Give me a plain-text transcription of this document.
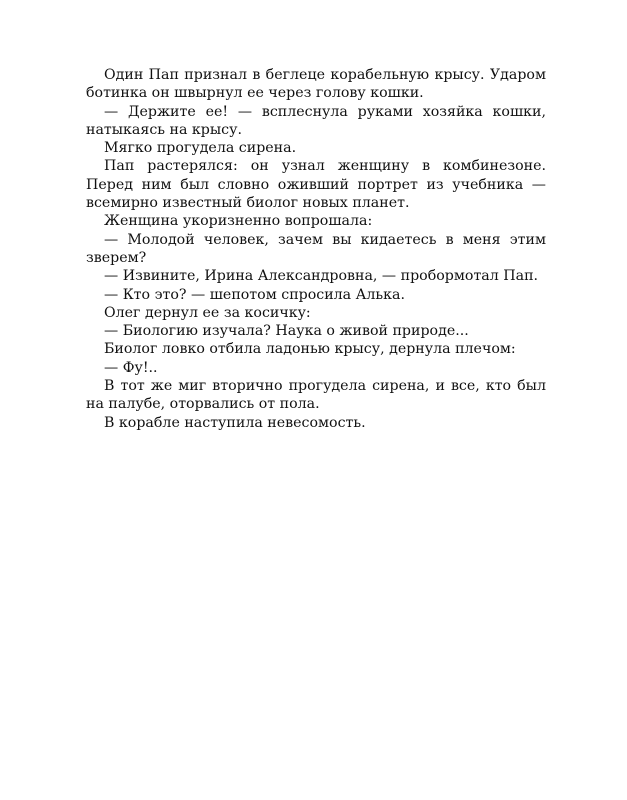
Один Пап признал в беглеце корабельную крысу. Ударом ботинка он швырнул ее через голову кошки.

— Держите ее! — всплеснула руками хозяйка кошки, натыкаясь на крысу.

Мягко прогудела сирена.

Пап растерялся: он узнал женщину в комбинезоне. Перед ним был словно оживший портрет из учебника — всемирно известный биолог новых планет.

Женщина укоризненно вопрошала:

— Молодой человек, зачем вы кидаетесь в меня этим зверем?

— Извините, Ирина Александровна, — пробормотал Пап.

— Кто это? — шепотом спросила Алька.

Олег дернул ее за косичку:

— Биологию изучала? Наука о живой природе...

Биолог ловко отбила ладонью крысу, дернула плечом:

— Фу!..

В тот же миг вторично прогудела сирена, и все, кто был на палубе, оторвались от пола.

В корабле наступила невесомость.
